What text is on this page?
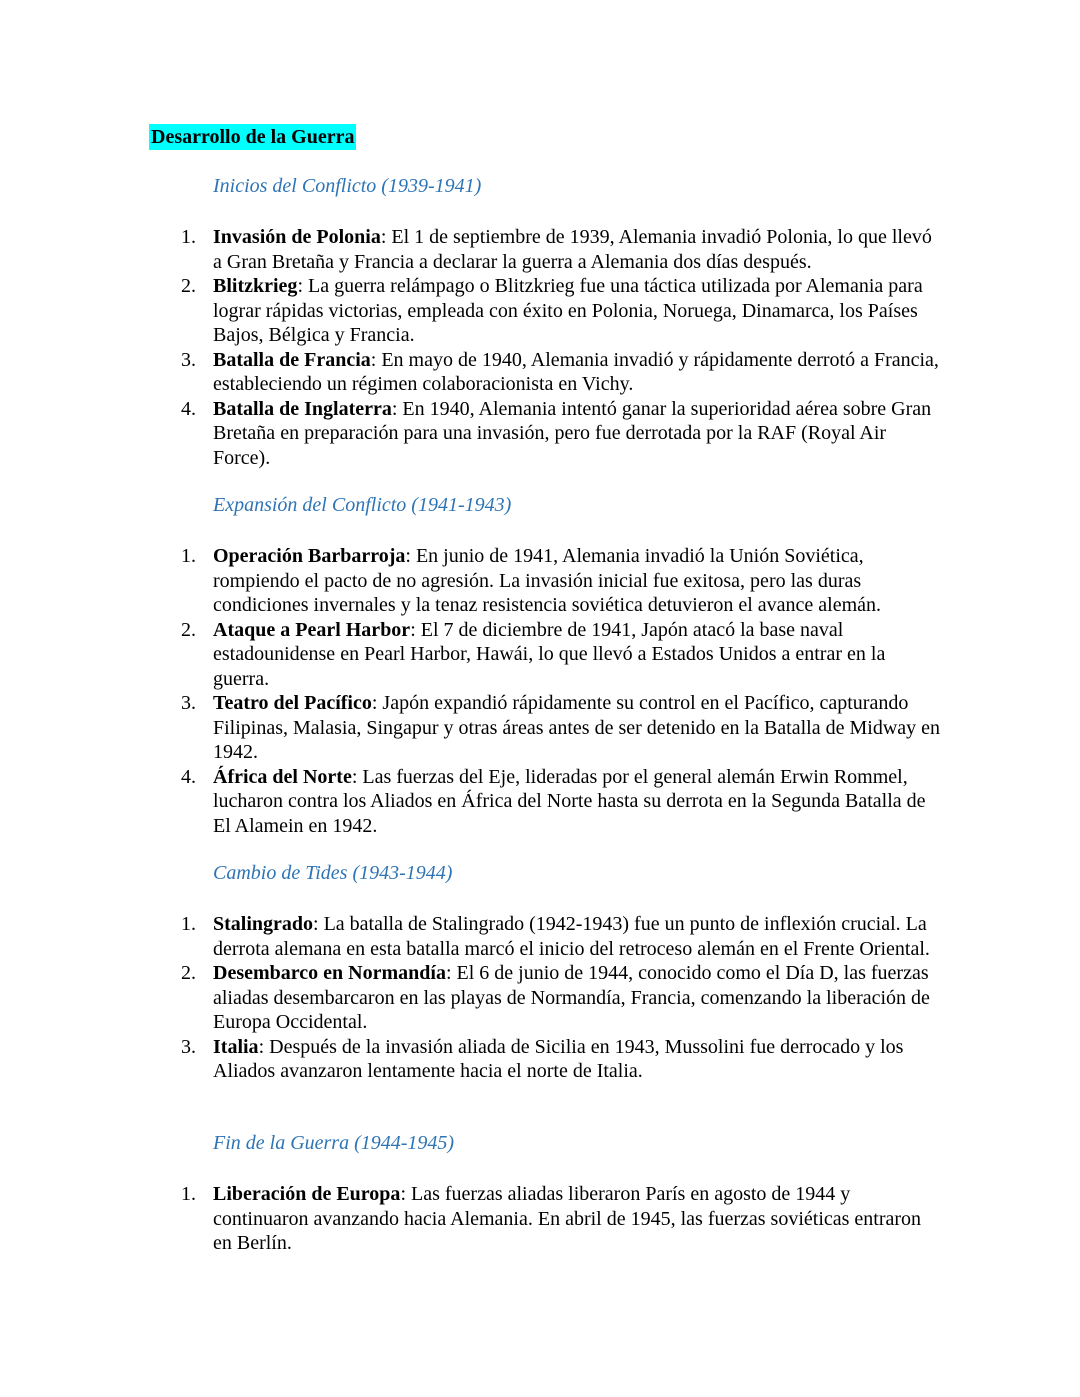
Desarrollo de la Guerra
Inicios del Conflicto (1939-1941)
1. Invasión de Polonia: El 1 de septiembre de 1939, Alemania invadió Polonia, lo que llevó a Gran Bretaña y Francia a declarar la guerra a Alemania dos días después.
2. Blitzkrieg: La guerra relámpago o Blitzkrieg fue una táctica utilizada por Alemania para lograr rápidas victorias, empleada con éxito en Polonia, Noruega, Dinamarca, los Países Bajos, Bélgica y Francia.
3. Batalla de Francia: En mayo de 1940, Alemania invadió y rápidamente derrotó a Francia, estableciendo un régimen colaboracionista en Vichy.
4. Batalla de Inglaterra: En 1940, Alemania intentó ganar la superioridad aérea sobre Gran Bretaña en preparación para una invasión, pero fue derrotada por la RAF (Royal Air Force).
Expansión del Conflicto (1941-1943)
1. Operación Barbarroja: En junio de 1941, Alemania invadió la Unión Soviética, rompiendo el pacto de no agresión. La invasión inicial fue exitosa, pero las duras condiciones invernales y la tenaz resistencia soviética detuvieron el avance alemán.
2. Ataque a Pearl Harbor: El 7 de diciembre de 1941, Japón atacó la base naval estadounidense en Pearl Harbor, Hawái, lo que llevó a Estados Unidos a entrar en la guerra.
3. Teatro del Pacífico: Japón expandió rápidamente su control en el Pacífico, capturando Filipinas, Malasia, Singapur y otras áreas antes de ser detenido en la Batalla de Midway en 1942.
4. África del Norte: Las fuerzas del Eje, lideradas por el general alemán Erwin Rommel, lucharon contra los Aliados en África del Norte hasta su derrota en la Segunda Batalla de El Alamein en 1942.
Cambio de Tides (1943-1944)
1. Stalingrado: La batalla de Stalingrado (1942-1943) fue un punto de inflexión crucial. La derrota alemana en esta batalla marcó el inicio del retroceso alemán en el Frente Oriental.
2. Desembarco en Normandía: El 6 de junio de 1944, conocido como el Día D, las fuerzas aliadas desembarcaron en las playas de Normandía, Francia, comenzando la liberación de Europa Occidental.
3. Italia: Después de la invasión aliada de Sicilia en 1943, Mussolini fue derrocado y los Aliados avanzaron lentamente hacia el norte de Italia.
Fin de la Guerra (1944-1945)
1. Liberación de Europa: Las fuerzas aliadas liberaron París en agosto de 1944 y continuaron avanzando hacia Alemania. En abril de 1945, las fuerzas soviéticas entraron en Berlín.
